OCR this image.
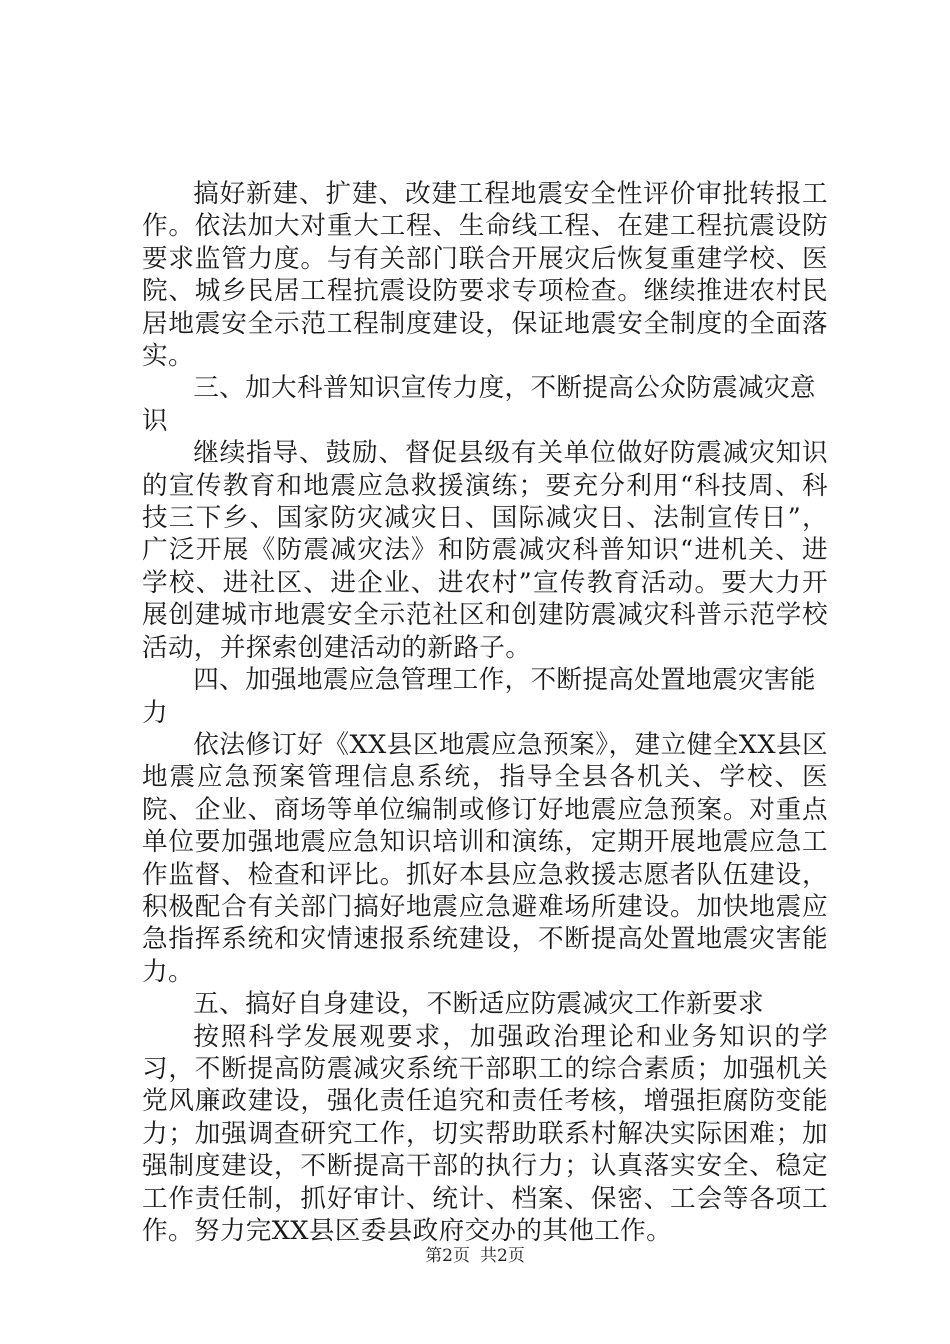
搞好新建、扩建、改建工程地震安全性评价审批转报工作。依法加大对重大工程、生命线工程、在建工程抗震设防要求监管力度。与有关部门联合开展灾后恢复重建学校、医院、城乡民居工程抗震设防要求专项检查。继续推进农村民居地震安全示范工程制度建设，保证地震安全制度的全面落实。

三、加大科普知识宣传力度，不断提高公众防震减灾意识

继续指导、鼓励、督促县级有关单位做好防震减灾知识的宣传教育和地震应急救援演练；要充分利用“科技周、科技三下乡、国家防灾减灾日、国际减灾日、法制宣传日”，广泛开展《防震减灾法》和防震减灾科普知识“进机关、进学校、进社区、进企业、进农村”宣传教育活动。要大力开展创建城市地震安全示范社区和创建防震减灾科普示范学校活动，并探索创建活动的新路子。

四、加强地震应急管理工作，不断提高处置地震灾害能力

依法修订好《XX县区地震应急预案》，建立健全XX县区地震应急预案管理信息系统，指导全县各机关、学校、医院、企业、商场等单位编制或修订好地震应急预案。对重点单位要加强地震应急知识培训和演练，定期开展地震应急工作监督、检查和评比。抓好本县应急救援志愿者队伍建设，积极配合有关部门搞好地震应急避难场所建设。加快地震应急指挥系统和灾情速报系统建设，不断提高处置地震灾害能力。

五、搞好自身建设，不断适应防震减灾工作新要求

按照科学发展观要求，加强政治理论和业务知识的学习，不断提高防震减灾系统干部职工的综合素质；加强机关党风廉政建设，强化责任追究和责任考核，增强拒腐防变能力；加强调查研究工作，切实帮助联系村解决实际困难；加强制度建设，不断提高干部的执行力；认真落实安全、稳定工作责任制，抓好审计、统计、档案、保密、工会等各项工作。努力完XX县区委县政府交办的其他工作。

第2页 共2页
